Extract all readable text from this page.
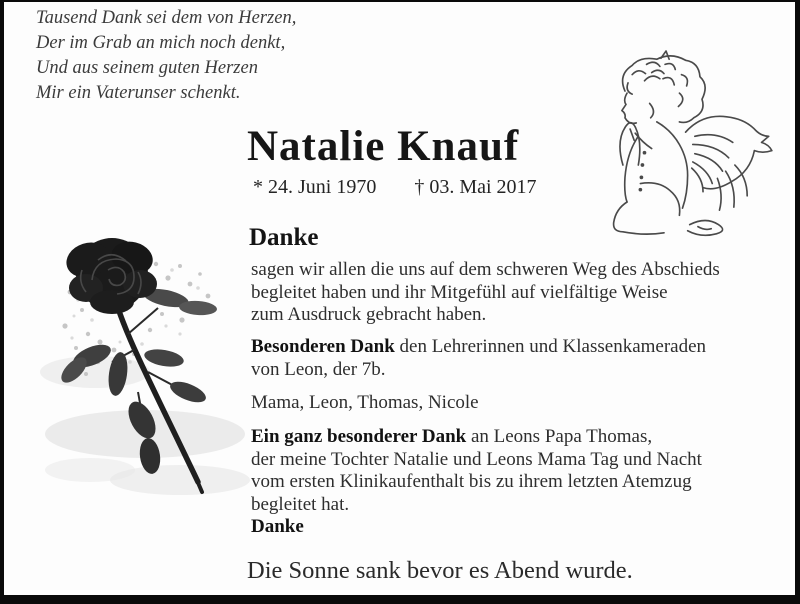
Tausend Dank sei dem von Herzen,
Der im Grab an mich noch denkt,
Und aus seinem guten Herzen
Mir ein Vaterunser schenkt.
Natalie Knauf
* 24. Juni 1970 † 03. Mai 2017
Danke
sagen wir allen die uns auf dem schweren Weg des Abschieds
begleitet haben und ihr Mitgefühl auf vielfältige Weise
zum Ausdruck gebracht haben.
Besonderen Dank den Lehrerinnen und Klassenkameraden
von Leon, der 7b.
Mama, Leon, Thomas, Nicole
Ein ganz besonderer Dank an Leons Papa Thomas,
der meine Tochter Natalie und Leons Mama Tag und Nacht
vom ersten Klinikaufenthalt bis zu ihrem letzten Atemzug
begleitet hat.
Danke
Die Sonne sank bevor es Abend wurde.
